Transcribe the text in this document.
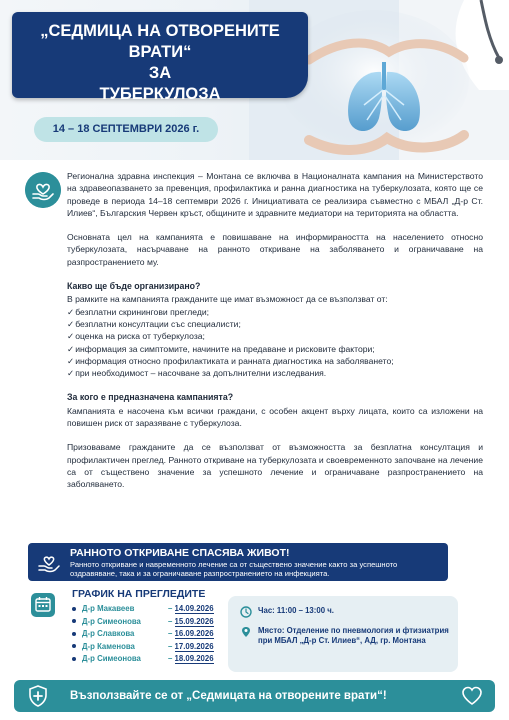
„СЕДМИЦА НА ОТВОРЕНИТЕ ВРАТИ“
ЗА
ТУБЕРКУЛОЗА
14 – 18 СЕПТЕМВРИ 2026 г.

Регионална здравна инспекция – Монтана се включва в Националната кампания на Министерството на здравеопазването за превенция, профилактика и ранна диагностика на туберкулозата, която ще се проведе в периода 14–18 септември 2026 г. Инициативата се реализира съвместно с МБАЛ „Д-р Ст. Илиев“, Българския Червен кръст, общините и здравните медиатори на територията на областта.

Основната цел на кампанията е повишаване на информираността на населението относно туберкулозата, насърчаване на ранното откриване на заболяването и ограничаване на разпространението му.

Какво ще бъде организирано?
В рамките на кампанията гражданите ще имат възможност да се възползват от:
✓безплатни скринингови прегледи;
✓безплатни консултации със специалисти;
✓оценка на риска от туберкулоза;
✓информация за симптомите, начините на предаване и рисковите фактори;
✓информация относно профилактиката и ранната диагностика на заболяването;
✓при необходимост – насочване за допълнителни изследвания.
За кого е предназначена кампанията?

Кампанията е насочена към всички граждани, с особен акцент върху лицата, които са изложени на повишен риск от заразяване с туберкулоза.

Призоваваме гражданите да се възползват от възможността за безплатна консултация и профилактичен преглед. Ранното откриване на туберкулозата и своевременното започване на лечение са от съществено значение за успешното лечение и ограничаване разпространението на заболяването.

РАННОТО ОТКРИВАНЕ СПАСЯВА ЖИВОТ!
Ранното откриване и навременното лечение са от съществено значение както за успешното оздравяване, така и за ограничаване разпространението на инфекцията.
ГРАФИК НА ПРЕГЛЕДИТЕ
Д-р Макавеев	– 14.09.2026
Д-р Симеонова	– 15.09.2026
Д-р Славкова	– 16.09.2026
Д-р Каменова	– 17.09.2026
Д-р Симеонова	– 18.09.2026
Час: 11:00 – 13:00 ч.
Място: Отделение по пневмология и фтизиатрия при МБАЛ „Д-р Ст. Илиев“, АД, гр. Монтана
Възползвайте се от „Седмицата на отворените врати“!
